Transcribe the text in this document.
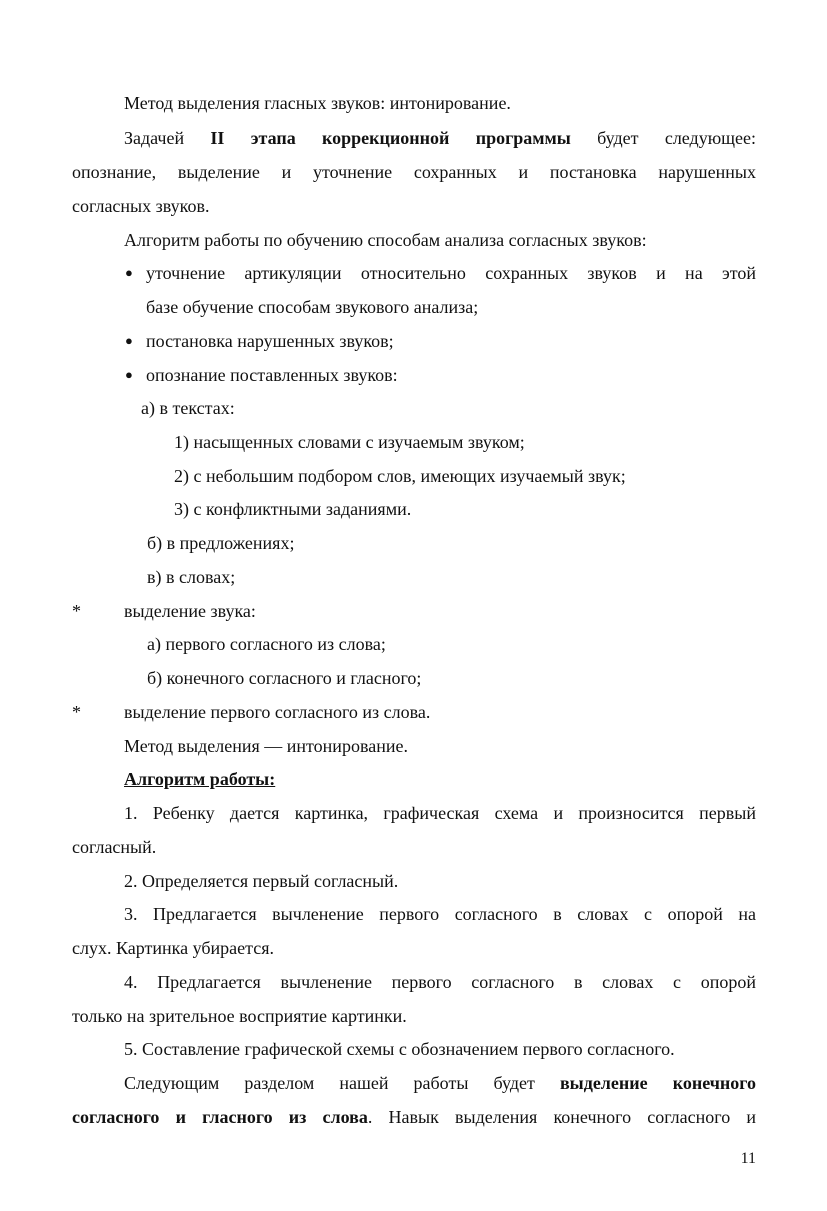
Метод выделения гласных звуков: интонирование.

Задачей II этапа коррекционной программы будет следующее:

опознание, выделение и уточнение сохранных и постановка нарушенных

согласных звуков.

Алгоритм работы по обучению способам анализа согласных звуков:

● уточнение артикуляции относительно сохранных звуков и на этой

базе обучение способам звукового анализа;

● постановка нарушенных звуков;

● опознание поставленных звуков:

а) в текстах:

1) насыщенных словами с изучаемым звуком;

2) с небольшим подбором слов, имеющих изучаемый звук;

3) с конфликтными заданиями.

б) в предложениях;

в) в словах;

* выделение звука:

а) первого согласного из слова;

б) конечного согласного и гласного;

* выделение первого согласного из слова.

Метод выделения — интонирование.

Алгоритм работы:

1. Ребенку дается картинка, графическая схема и произносится первый

согласный.

2. Определяется первый согласный.

3. Предлагается вычленение первого согласного в словах с опорой на

слух. Картинка убирается.

4. Предлагается вычленение первого согласного в словах с опорой

только на зрительное восприятие картинки.

5. Составление графической схемы с обозначением первого согласного.

Следующим разделом нашей работы будет выделение конечного

согласного и гласного из слова. Навык выделения конечного согласного и

11
